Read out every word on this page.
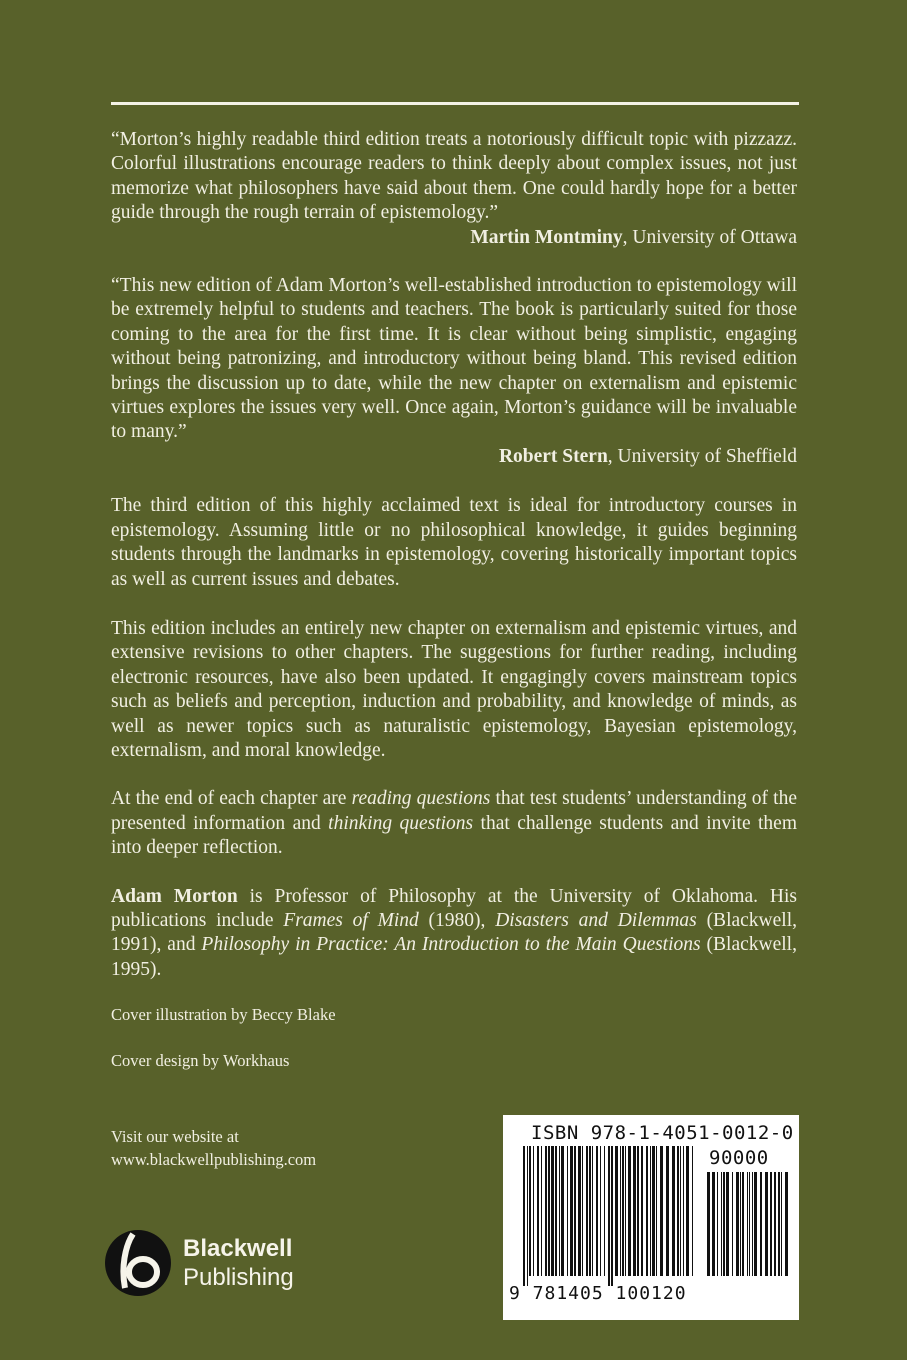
“Morton’s highly readable third edition treats a notoriously difficult topic with pizzazz. Colorful illustrations encourage readers to think deeply about complex issues, not just memorize what philosophers have said about them. One could hardly hope for a better guide through the rough terrain of epistemology.”

Martin Montminy, University of Ottawa

“This new edition of Adam Morton’s well-established introduction to epistemology will be extremely helpful to students and teachers. The book is particularly suited for those coming to the area for the first time. It is clear without being simplistic, engaging without being patronizing, and introductory without being bland. This revised edition brings the discussion up to date, while the new chapter on externalism and epistemic virtues explores the issues very well. Once again, Morton’s guidance will be invaluable to many.”

Robert Stern, University of Sheffield

The third edition of this highly acclaimed text is ideal for introductory courses in epistemology. Assuming little or no philosophical knowledge, it guides beginning students through the landmarks in epistemology, covering historically important topics as well as current issues and debates.

This edition includes an entirely new chapter on externalism and epistemic virtues, and extensive revisions to other chapters. The suggestions for further reading, including electronic resources, have also been updated. It engagingly covers mainstream topics such as beliefs and perception, induction and probability, and knowledge of minds, as well as newer topics such as naturalistic epistemology, Bayesian epistemology, externalism, and moral knowledge.

At the end of each chapter are reading questions that test students’ understanding of the presented information and thinking questions that challenge students and invite them into deeper reflection.

Adam Morton is Professor of Philosophy at the University of Oklahoma. His publications include Frames of Mind (1980), Disasters and Dilemmas (Blackwell, 1991), and Philosophy in Practice: An Introduction to the Main Questions (Blackwell, 1995).

Cover illustration by Beccy Blake

Cover design by Workhaus

Visit our website at
www.blackwellpublishing.com
Blackwell
Publishing
ISBN 978-1-4051-0012-0
90000
9 781405 100120
